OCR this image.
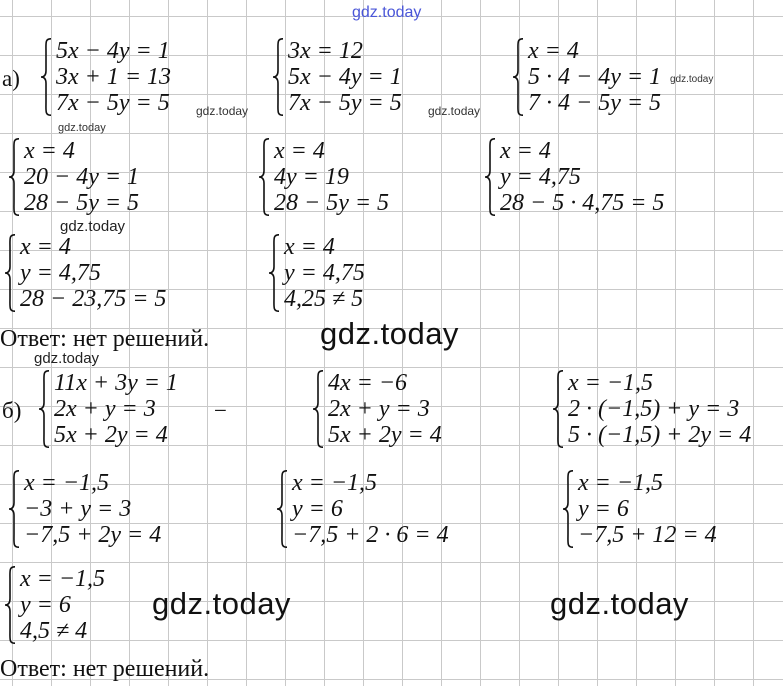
gdz.today
а)
5x − 4y = 1
3x + 1 = 13
7x − 5y = 5
3x = 12
5x − 4y = 1
7x − 5y = 5
x = 4
5 · 4 − 4y = 1
7 · 4 − 5y = 5
x = 4
20 − 4y = 1
28 − 5y = 5
x = 4
4y = 19
28 − 5y = 5
x = 4
y = 4,75
28 − 5 · 4,75 = 5
x = 4
y = 4,75
28 − 23,75 = 5
x = 4
y = 4,75
4,25 ≠ 5
Ответ: нет решений.
б)	−
11x + 3y = 1
2x + y = 3
5x + 2y = 4
4x = −6
2x + y = 3
5x + 2y = 4
x = −1,5
2 · (−1,5) + y = 3
5 · (−1,5) + 2y = 4
x = −1,5
−3 + y = 3
−7,5 + 2y = 4
x = −1,5
y = 6
−7,5 + 2 · 6 = 4
x = −1,5
y = 6
−7,5 + 12 = 4
x = −1,5
y = 6
4,5 ≠ 4
Ответ: нет решений.
gdz.today	gdz.today
gdz.today
gdz.today
gdz.today
gdz.today
gdz.today
gdz.today	gdz.today
